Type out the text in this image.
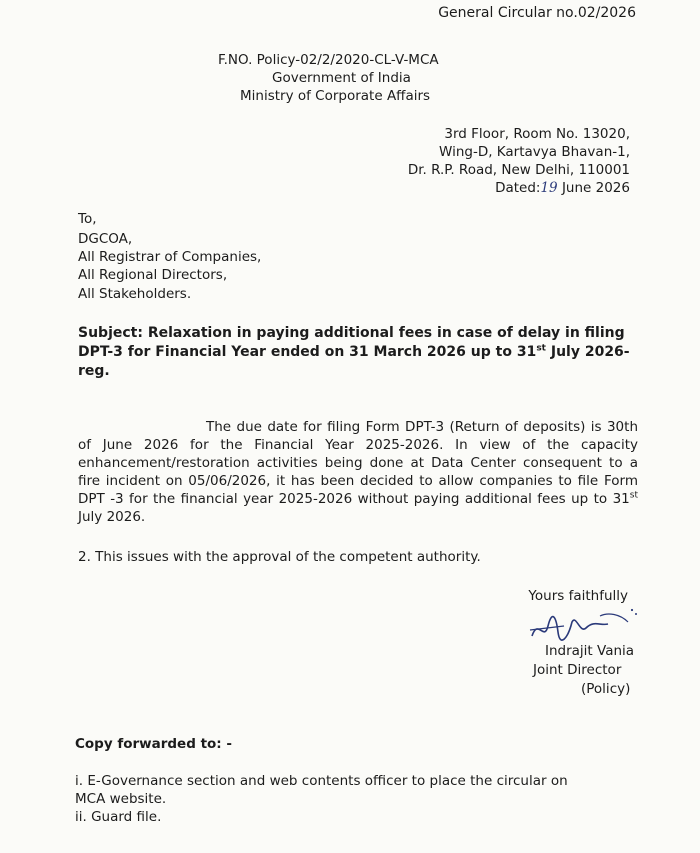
General Circular no.02/2026
F.NO. Policy-02/2/2020-CL-V-MCA
Government of India
Ministry of Corporate Affairs
3rd Floor, Room No. 13020,
Wing-D, Kartavya Bhavan-1,
Dr. R.P. Road, New Delhi, 110001
Dated:19 June 2026
To,
DGCOA,
All Registrar of Companies,
All Regional Directors,
All Stakeholders.
Subject: Relaxation in paying additional fees in case of delay in filing DPT-3 for Financial Year ended on 31 March 2026 up to 31st July 2026-reg.
The due date for filing Form DPT-3 (Return of deposits) is 30th of June 2026 for the Financial Year 2025-2026. In view of the capacity enhancement/restoration activities being done at Data Center consequent to a fire incident on 05/06/2026, it has been decided to allow companies to file Form DPT -3 for the financial year 2025-2026 without paying additional fees up to 31st July 2026.
2. This issues with the approval of the competent authority.
Yours faithfully
Indrajit Vania
Joint Director
(Policy)
Copy forwarded to: -
i. E-Governance section and web contents officer to place the circular on
MCA website.
ii. Guard file.
